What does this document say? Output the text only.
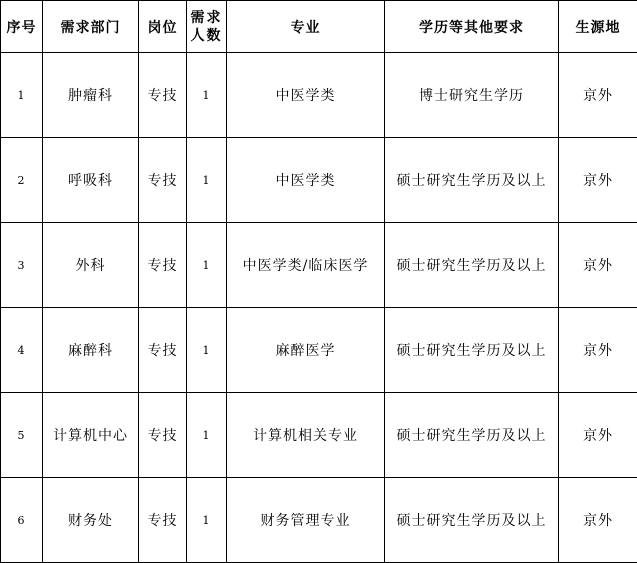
序号	需求部门	岗位	需求人数	专业	学历等其他要求	生源地
1	肿瘤科	专技	1	中医学类	博士研究生学历	京外
2	呼吸科	专技	1	中医学类	硕士研究生学历及以上	京外
3	外科	专技	1	中医学类/临床医学	硕士研究生学历及以上	京外
4	麻醉科	专技	1	麻醉医学	硕士研究生学历及以上	京外
5	计算机中心	专技	1	计算机相关专业	硕士研究生学历及以上	京外
6	财务处	专技	1	财务管理专业	硕士研究生学历及以上	京外
